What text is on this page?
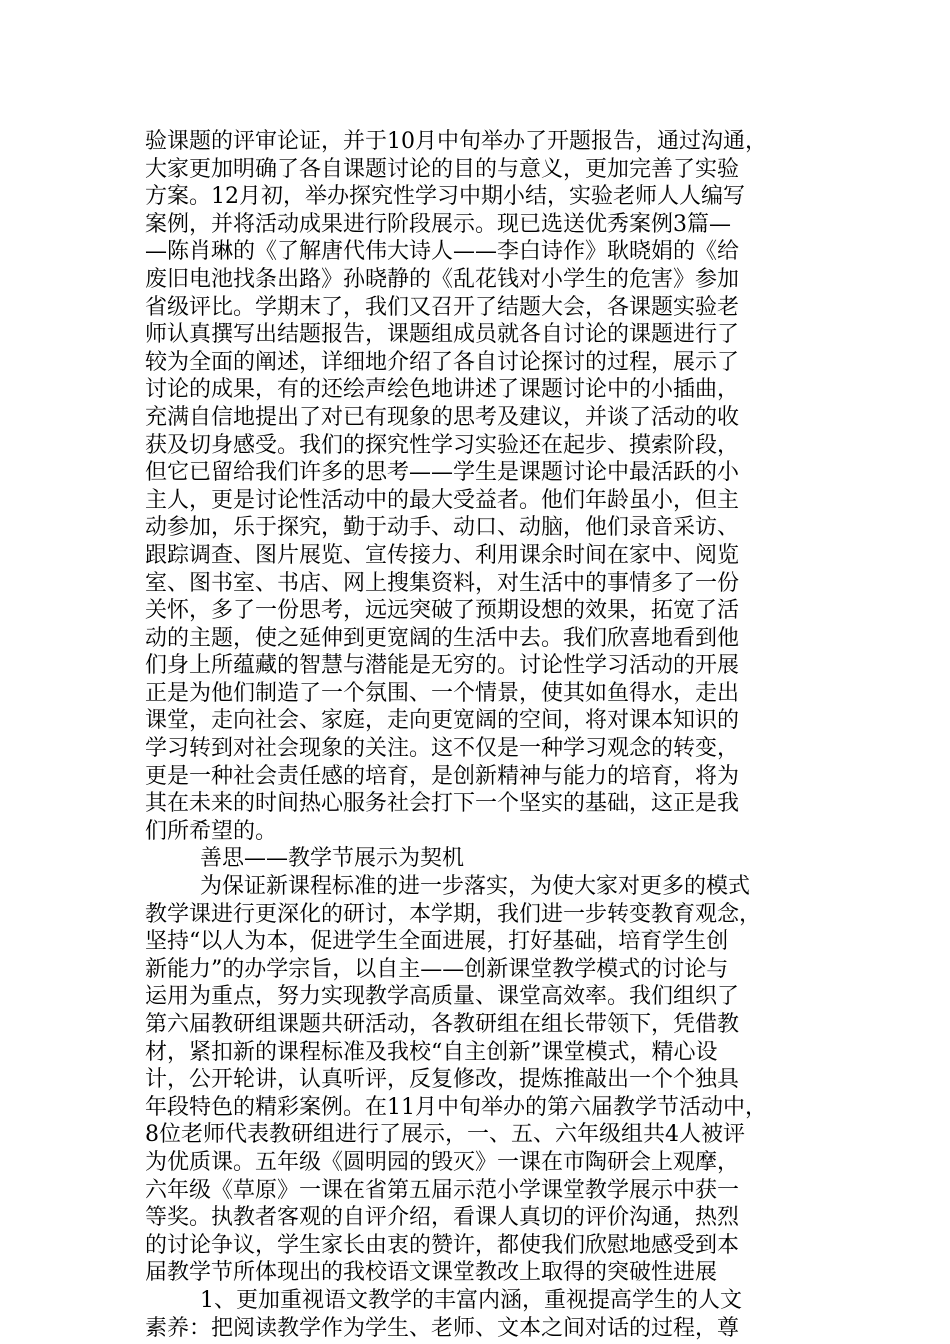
验课题的评审论证，并于10月中旬举办了开题报告，通过沟通，
大家更加明确了各自课题讨论的目的与意义，更加完善了实验
方案。12月初，举办探究性学习中期小结，实验老师人人编写
案例，并将活动成果进行阶段展示。现已选送优秀案例3篇—
—陈肖琳的《了解唐代伟大诗人——李白诗作》耿晓娟的《给
废旧电池找条出路》孙晓静的《乱花钱对小学生的危害》参加
省级评比。学期末了，我们又召开了结题大会，各课题实验老
师认真撰写出结题报告，课题组成员就各自讨论的课题进行了
较为全面的阐述，详细地介绍了各自讨论探讨的过程，展示了
讨论的成果，有的还绘声绘色地讲述了课题讨论中的小插曲，
充满自信地提出了对已有现象的思考及建议，并谈了活动的收
获及切身感受。我们的探究性学习实验还在起步、摸索阶段，
但它已留给我们许多的思考——学生是课题讨论中最活跃的小
主人，更是讨论性活动中的最大受益者。他们年龄虽小，但主
动参加，乐于探究，勤于动手、动口、动脑，他们录音采访、
跟踪调查、图片展览、宣传接力、利用课余时间在家中、阅览
室、图书室、书店、网上搜集资料，对生活中的事情多了一份
关怀，多了一份思考，远远突破了预期设想的效果，拓宽了活
动的主题，使之延伸到更宽阔的生活中去。我们欣喜地看到他
们身上所蕴藏的智慧与潜能是无穷的。讨论性学习活动的开展
正是为他们制造了一个氛围、一个情景，使其如鱼得水，走出
课堂，走向社会、家庭，走向更宽阔的空间，将对课本知识的
学习转到对社会现象的关注。这不仅是一种学习观念的转变，
更是一种社会责任感的培育，是创新精神与能力的培育，将为
其在未来的时间热心服务社会打下一个坚实的基础，这正是我
们所希望的。
善思——教学节展示为契机
为保证新课程标准的进一步落实，为使大家对更多的模式
教学课进行更深化的研讨，本学期，我们进一步转变教育观念，
坚持“以人为本，促进学生全面进展，打好基础，培育学生创
新能力”的办学宗旨，以自主——创新课堂教学模式的讨论与
运用为重点，努力实现教学高质量、课堂高效率。我们组织了
第六届教研组课题共研活动，各教研组在组长带领下，凭借教
材，紧扣新的课程标准及我校“自主创新”课堂模式，精心设
计，公开轮讲，认真听评，反复修改，提炼推敲出一个个独具
年段特色的精彩案例。在11月中旬举办的第六届教学节活动中，
8位老师代表教研组进行了展示，一、五、六年级组共4人被评
为优质课。五年级《圆明园的毁灭》一课在市陶研会上观摩，
六年级《草原》一课在省第五届示范小学课堂教学展示中获一
等奖。执教者客观的自评介绍，看课人真切的评价沟通，热烈
的讨论争议，学生家长由衷的赞许，都使我们欣慰地感受到本
届教学节所体现出的我校语文课堂教改上取得的突破性进展
1、更加重视语文教学的丰富内涵，重视提高学生的人文
素养：把阅读教学作为学生、老师、文本之间对话的过程，尊
